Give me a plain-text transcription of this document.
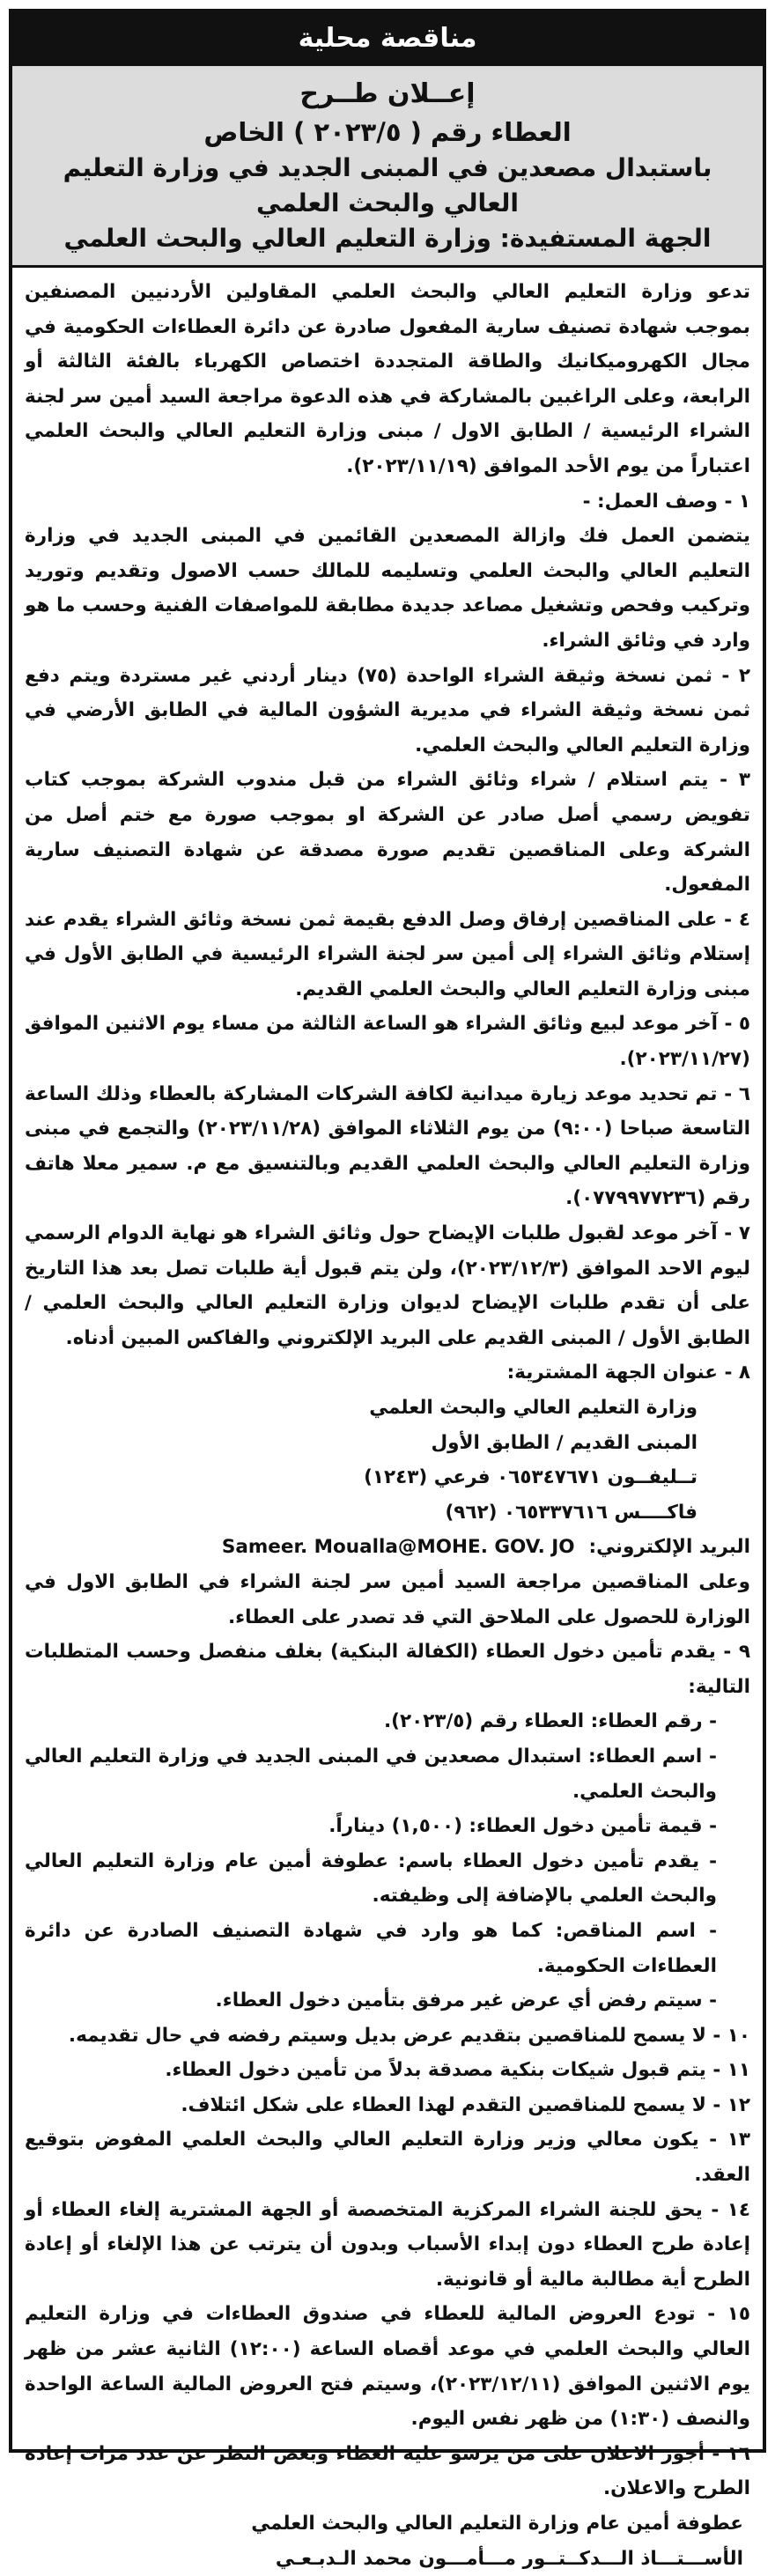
مناقصة محلية
إعــلان طــرح
العطاء رقم ( ٢٠٢٣/٥ ) الخاص
باستبدال مصعدين في المبنى الجديد في وزارة التعليم العالي والبحث العلمي
الجهة المستفيدة: وزارة التعليم العالي والبحث العلمي

تدعو وزارة التعليم العالي والبحث العلمي المقاولين الأردنيين المصنفين بموجب شهادة تصنيف سارية المفعول صادرة عن دائرة العطاءات الحكومية في مجال الكهروميكانيك والطاقة المتجددة اختصاص الكهرباء بالفئة الثالثة أو الرابعة، وعلى الراغبين بالمشاركة في هذه الدعوة مراجعة السيد أمين سر لجنة الشراء الرئيسية / الطابق الاول / مبنى وزارة التعليم العالي والبحث العلمي اعتباراً من يوم الأحد الموافق (٢٠٢٣/١١/١٩).

١ - وصف العمل: -

يتضمن العمل فك وازالة المصعدين القائمين في المبنى الجديد في وزارة التعليم العالي والبحث العلمي وتسليمه للمالك حسب الاصول وتقديم وتوريد وتركيب وفحص وتشغيل مصاعد جديدة مطابقة للمواصفات الفنية وحسب ما هو وارد في وثائق الشراء.

٢ - ثمن نسخة وثيقة الشراء الواحدة (٧٥) دينار أردني غير مستردة ويتم دفع ثمن نسخة وثيقة الشراء في مديرية الشؤون المالية في الطابق الأرضي في وزارة التعليم العالي والبحث العلمي.

٣ - يتم استلام / شراء وثائق الشراء من قبل مندوب الشركة بموجب كتاب تفويض رسمي أصل صادر عن الشركة او بموجب صورة مع ختم أصل من الشركة وعلى المناقصين تقديم صورة مصدقة عن شهادة التصنيف سارية المفعول.

٤ - على المناقصين إرفاق وصل الدفع بقيمة ثمن نسخة وثائق الشراء يقدم عند إستلام وثائق الشراء إلى أمين سر لجنة الشراء الرئيسية في الطابق الأول في مبنى وزارة التعليم العالي والبحث العلمي القديم.

٥ - آخر موعد لبيع وثائق الشراء هو الساعة الثالثة من مساء يوم الاثنين الموافق (٢٠٢٣/١١/٢٧).

٦ - تم تحديد موعد زيارة ميدانية لكافة الشركات المشاركة بالعطاء وذلك الساعة التاسعة صباحا (٩:٠٠) من يوم الثلاثاء الموافق (٢٠٢٣/١١/٢٨) والتجمع في مبنى وزارة التعليم العالي والبحث العلمي القديم وبالتنسيق مع م. سمير معلا هاتف رقم (٠٧٧٩٩٧٧٢٣٦).

٧ - آخر موعد لقبول طلبات الإيضاح حول وثائق الشراء هو نهاية الدوام الرسمي ليوم الاحد الموافق (٢٠٢٣/١٢/٣)، ولن يتم قبول أية طلبات تصل بعد هذا التاريخ على أن تقدم طلبات الإيضاح لديوان وزارة التعليم العالي والبحث العلمي / الطابق الأول / المبنى القديم على البريد الإلكتروني والفاكس المبين أدناه.

٨ - عنوان الجهة المشترية:

وزارة التعليم العالي والبحث العلمي

المبنى القديم / الطابق الأول

تــليفــون ٠٦٥٣٤٧٦٧١ فرعي (١٢٤٣)

فاكــــس ٠٦٥٣٣٧٦١٦ (٩٦٢)

البريد الإلكتروني:
Sameer. Moualla@MOHE. GOV. JO

وعلى المناقصين مراجعة السيد أمين سر لجنة الشراء في الطابق الاول في الوزارة للحصول على الملاحق التي قد تصدر على العطاء.

٩ - يقدم تأمين دخول العطاء (الكفالة البنكية) بغلف منفصل وحسب المتطلبات التالية:

- رقم العطاء: العطاء رقم (٢٠٢٣/٥).

- اسم العطاء: استبدال مصعدين في المبنى الجديد في وزارة التعليم العالي والبحث العلمي.

- قيمة تأمين دخول العطاء: (١,٥٠٠) ديناراً.

- يقدم تأمين دخول العطاء باسم: عطوفة أمين عام وزارة التعليم العالي والبحث العلمي بالإضافة إلى وظيفته.

- اسم المناقص: كما هو وارد في شهادة التصنيف الصادرة عن دائرة العطاءات الحكومية.

- سيتم رفض أي عرض غير مرفق بتأمين دخول العطاء.

١٠ - لا يسمح للمناقصين بتقديم عرض بديل وسيتم رفضه في حال تقديمه.

١١ - يتم قبول شيكات بنكية مصدقة بدلاً من تأمين دخول العطاء.

١٢ - لا يسمح للمناقصين التقدم لهذا العطاء على شكل ائتلاف.

١٣ - يكون معالي وزير وزارة التعليم العالي والبحث العلمي المفوض بتوقيع العقد.

١٤ - يحق للجنة الشراء المركزية المتخصصة أو الجهة المشترية إلغاء العطاء أو إعادة طرح العطاء دون إبداء الأسباب وبدون أن يترتب عن هذا الإلغاء أو إعادة الطرح أية مطالبة مالية أو قانونية.

١٥ - تودع العروض المالية للعطاء في صندوق العطاءات في وزارة التعليم العالي والبحث العلمي في موعد أقصاه الساعة (١٢:٠٠) الثانية عشر من ظهر يوم الاثنين الموافق (٢٠٢٣/١٢/١١)، وسيتم فتح العروض المالية الساعة الواحدة والنصف (١:٣٠) من ظهر نفس اليوم.

١٦ - أجور الاعلان على من يرسو عليه العطاء وبغض النظر عن عدد مرات إعادة الطرح والاعلان.

عطوفة أمين عام وزارة التعليم العالي والبحث العلمي

الأســـتـــاذ الـــدكــتــور مـــأمـــون محمد الـدبـعـي
